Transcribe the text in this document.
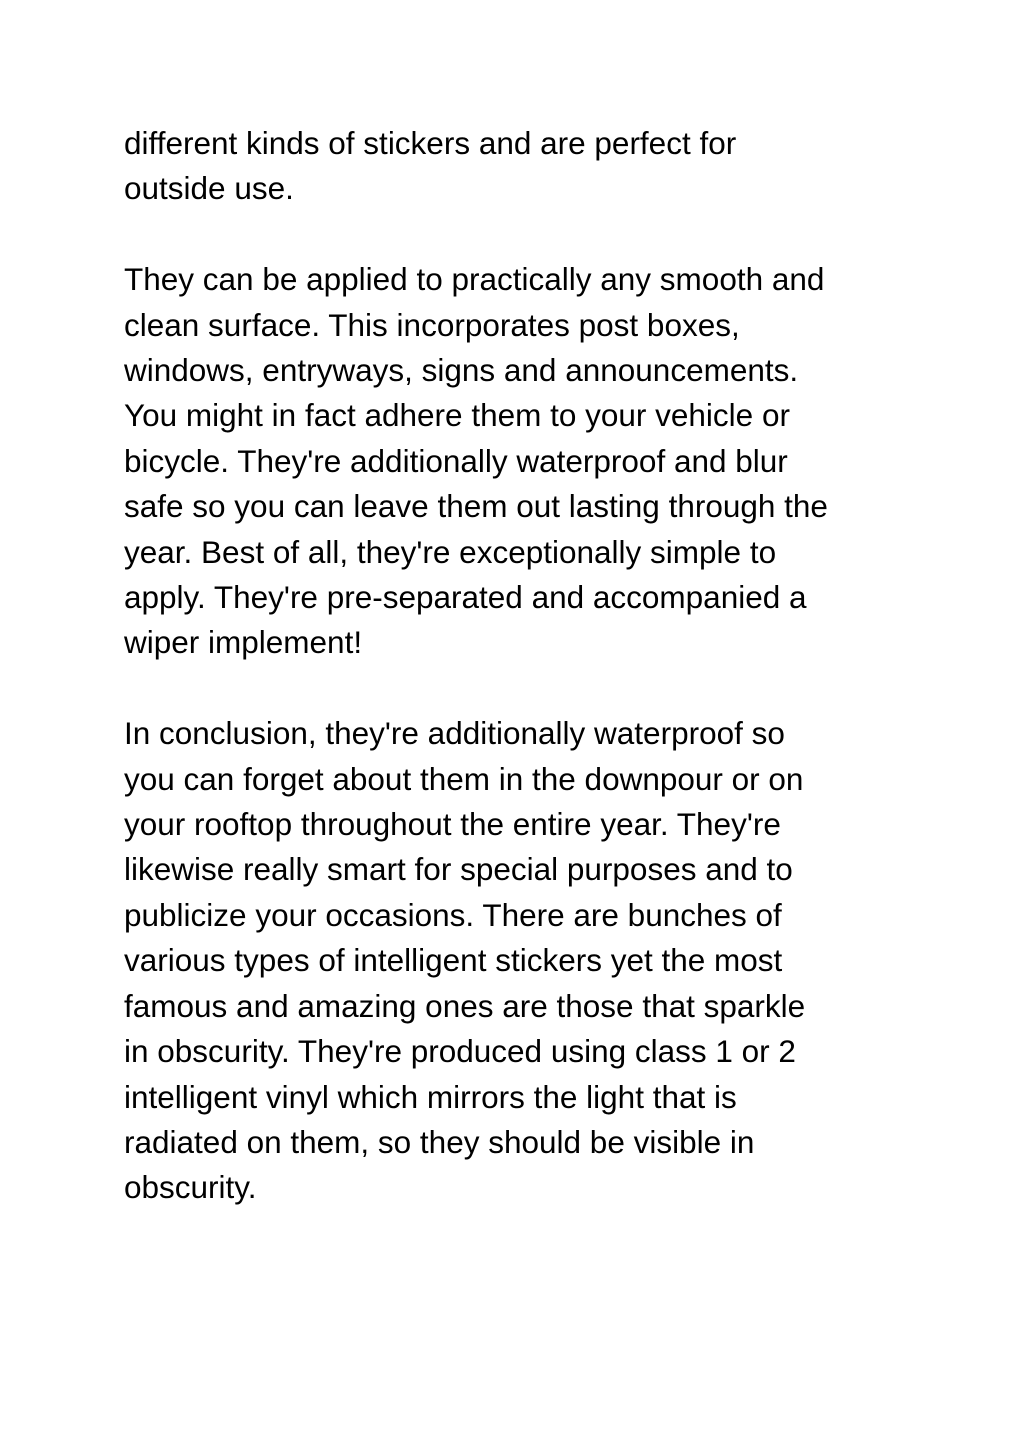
different kinds of stickers and are perfect for
outside use.

They can be applied to practically any smooth and
clean surface. This incorporates post boxes,
windows, entryways, signs and announcements.
You might in fact adhere them to your vehicle or
bicycle. They're additionally waterproof and blur
safe so you can leave them out lasting through the
year. Best of all, they're exceptionally simple to
apply. They're pre-separated and accompanied a
wiper implement!

In conclusion, they're additionally waterproof so
you can forget about them in the downpour or on
your rooftop throughout the entire year. They're
likewise really smart for special purposes and to
publicize your occasions. There are bunches of
various types of intelligent stickers yet the most
famous and amazing ones are those that sparkle
in obscurity. They're produced using class 1 or 2
intelligent vinyl which mirrors the light that is
radiated on them, so they should be visible in
obscurity.
